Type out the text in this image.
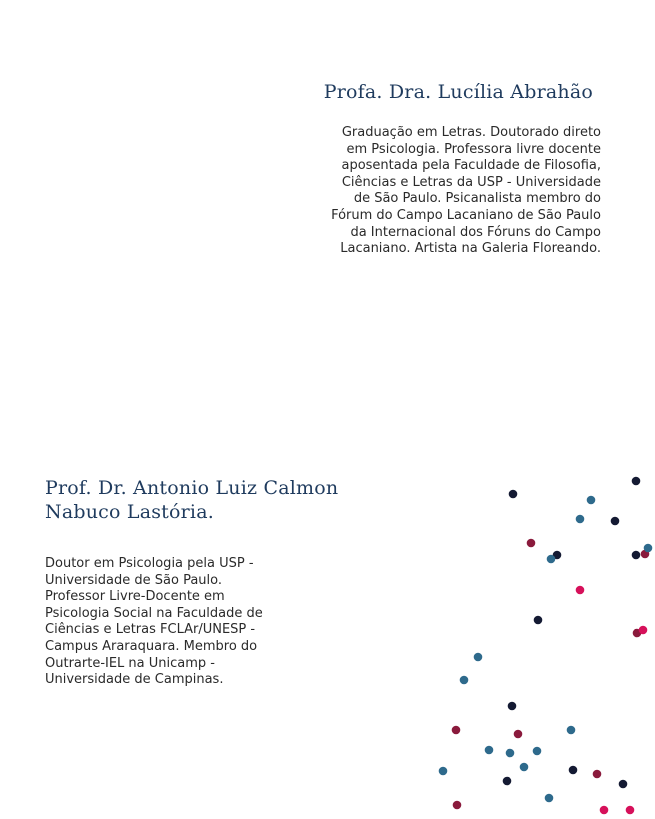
Profa. Dra. Lucília Abrahão

Graduação em Letras. Doutorado direto em Psicologia. Professora livre docente aposentada pela Faculdade de Filosofia, Ciências e Letras da USP - Universidade de São Paulo. Psicanalista membro do Fórum do Campo Lacaniano de São Paulo da Internacional dos Fóruns do Campo Lacaniano. Artista na Galeria Floreando.

Prof. Dr. Antonio Luiz Calmon Nabuco Lastória.

Doutor em Psicologia pela USP - Universidade de São Paulo. Professor Livre-Docente em Psicologia Social na Faculdade de Ciências e Letras FCLAr/UNESP - Campus Araraquara. Membro do Outrarte-IEL na Unicamp - Universidade de Campinas.
